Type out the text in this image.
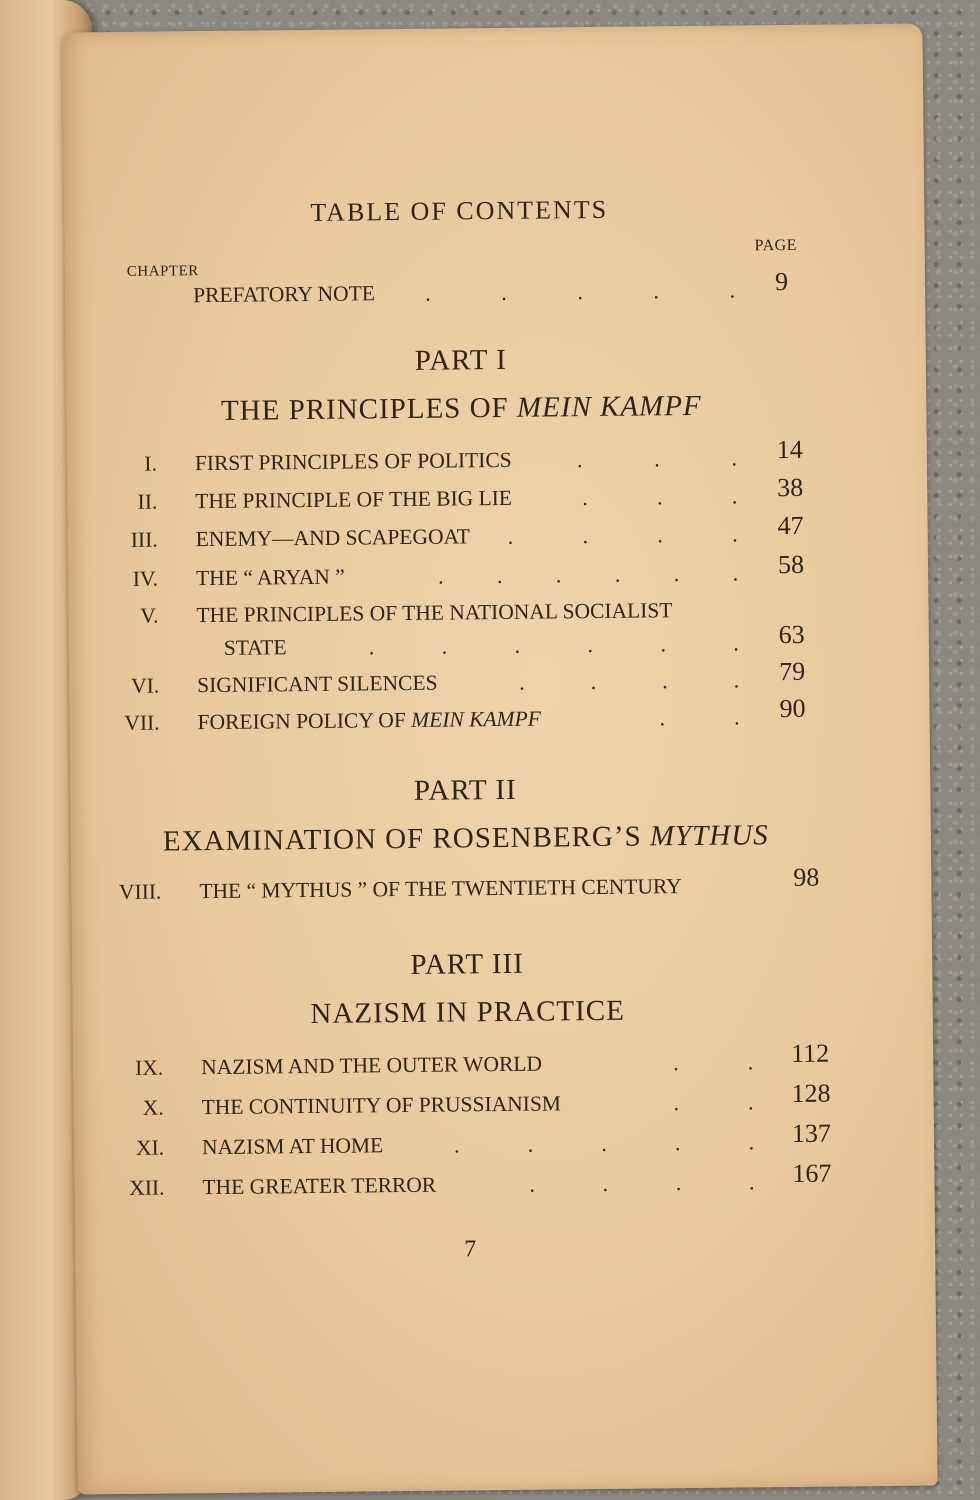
TABLE OF CONTENTS
CHAPTER
PAGE
PREFATORY NOTE .	.	.	.	. 9
PART I
THE PRINCIPLES OF MEIN KAMPF
I. FIRST PRINCIPLES OF POLITICS	.	.	. 14
II. THE PRINCIPLE OF THE BIG LIE	.	.	. 38
III. ENEMY—AND SCAPEGOAT .	.	.	. 47
IV. THE “ ARYAN ”	. . . . . . 58
V. THE PRINCIPLES OF THE NATIONAL SOCIALIST
STATE	.	.	.	.	.	. 63
VI. SIGNIFICANT SILENCES	.	.	.	. 79
VII. FOREIGN POLICY OF MEIN KAMPF	.	. 90
PART II
EXAMINATION OF ROSENBERG’S MYTHUS
VIII. THE “ MYTHUS ” OF THE TWENTIETH CENTURY	98
PART III
NAZISM IN PRACTICE
IX. NAZISM AND THE OUTER WORLD	.	. 112
X. THE CONTINUITY OF PRUSSIANISM	.	. 128
XI. NAZISM AT HOME	.	.	.	.	. 137
XII. THE GREATER TERROR	.	.	.	. 167
7
